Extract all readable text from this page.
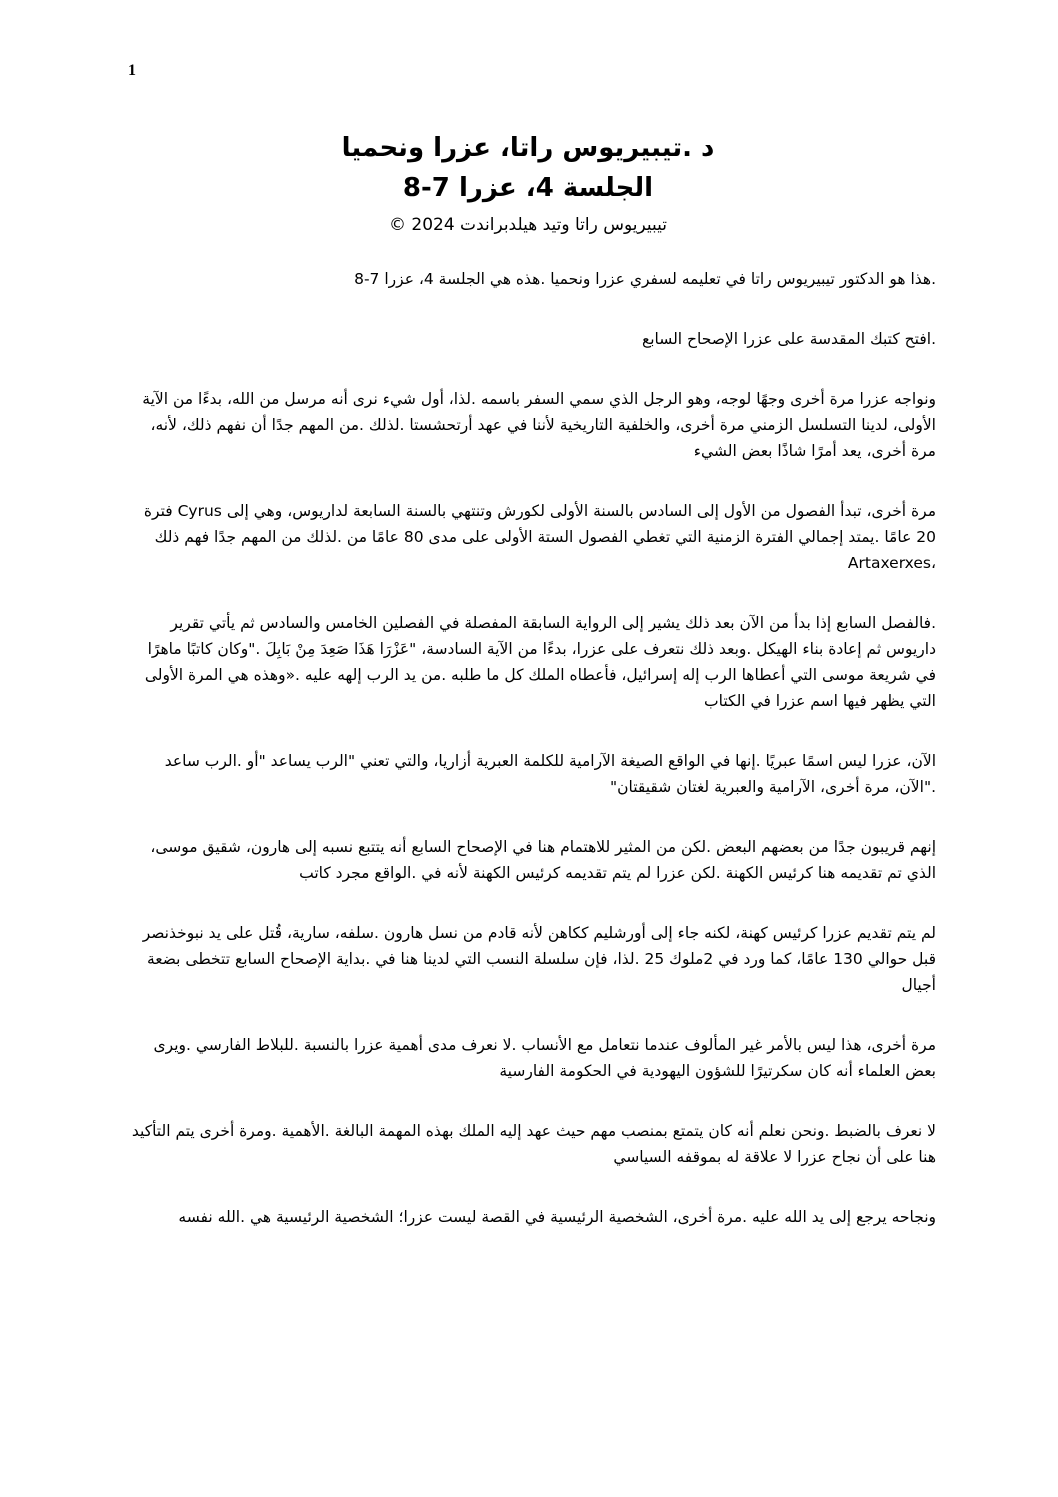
1
د .تيبيريوس راتا، عزرا ونحميا
الجلسة 4، عزرا 7-8
تيبيريوس راتا وتيد هيلدبراندت 2024 ©

.هذا هو الدكتور تيبيريوس راتا في تعليمه لسفري عزرا ونحميا .هذه هي الجلسة 4، عزرا 7-8

.افتح كتبك المقدسة على عزرا الإصحاح السابع

ونواجه عزرا مرة أخرى وجهًا لوجه، وهو الرجل الذي سمي السفر باسمه .لذا، أول شيء نرى أنه مرسل من الله، بدءًا من الآية الأولى، لدينا التسلسل الزمني مرة أخرى، والخلفية التاريخية لأننا في عهد أرتحشستا .لذلك .من المهم جدًا أن نفهم ذلك، لأنه، مرة أخرى، يعد أمرًا شاذًا بعض الشيء

مرة أخرى، تبدأ الفصول من الأول إلى السادس بالسنة الأولى لكورش وتنتهي بالسنة السابعة لداريوس، وهي إلى Cyrus فترة 20 عامًا .يمتد إجمالي الفترة الزمنية التي تغطي الفصول الستة الأولى على مدى 80 عامًا من .لذلك من المهم جدًا فهم ذلك ،Artaxerxes

.فالفصل السابع إذا بدأ من الآن بعد ذلك يشير إلى الرواية السابقة المفصلة في الفصلين الخامس والسادس ثم يأتي تقرير داريوس ثم إعادة بناء الهيكل .وبعد ذلك نتعرف على عزرا، بدءًا من الآية السادسة، "عَزْرَا هَذَا صَعِدَ مِنْ بَابِلَ ."وكان كاتبًا ماهرًا في شريعة موسى التي أعطاها الرب إله إسرائيل، فأعطاه الملك كل ما طلبه .من يد الرب إلهه عليه .«وهذه هي المرة الأولى التي يظهر فيها اسم عزرا في الكتاب

الآن، عزرا ليس اسمًا عبريًا .إنها في الواقع الصيغة الآرامية للكلمة العبرية أزاريا، والتي تعني "الرب يساعد "أو .الرب ساعد ."الآن، مرة أخرى، الآرامية والعبرية لغتان شقيقتان"

إنهم قريبون جدًا من بعضهم البعض .لكن من المثير للاهتمام هنا في الإصحاح السابع أنه يتتبع نسبه إلى هارون، شقيق موسى، الذي تم تقديمه هنا كرئيس الكهنة .لكن عزرا لم يتم تقديمه كرئيس الكهنة لأنه في .الواقع مجرد كاتب

لم يتم تقديم عزرا كرئيس كهنة، لكنه جاء إلى أورشليم ككاهن لأنه قادم من نسل هارون .سلفه، سارية، قُتل على يد نبوخذنصر قبل حوالي 130 عامًا، كما ورد في 2ملوك 25 .لذا، فإن سلسلة النسب التي لدينا هنا في .بداية الإصحاح السابع تتخطى بضعة أجيال

مرة أخرى، هذا ليس بالأمر غير المألوف عندما نتعامل مع الأنساب .لا نعرف مدى أهمية عزرا بالنسبة .للبلاط الفارسي .ويرى بعض العلماء أنه كان سكرتيرًا للشؤون اليهودية في الحكومة الفارسية

لا نعرف بالضبط .ونحن نعلم أنه كان يتمتع بمنصب مهم حيث عهد إليه الملك بهذه المهمة البالغة .الأهمية .ومرة أخرى يتم التأكيد هنا على أن نجاح عزرا لا علاقة له بموقفه السياسي

ونجاحه يرجع إلى يد الله عليه .مرة أخرى، الشخصية الرئيسية في القصة ليست عزرا؛ الشخصية الرئيسية هي .الله نفسه
